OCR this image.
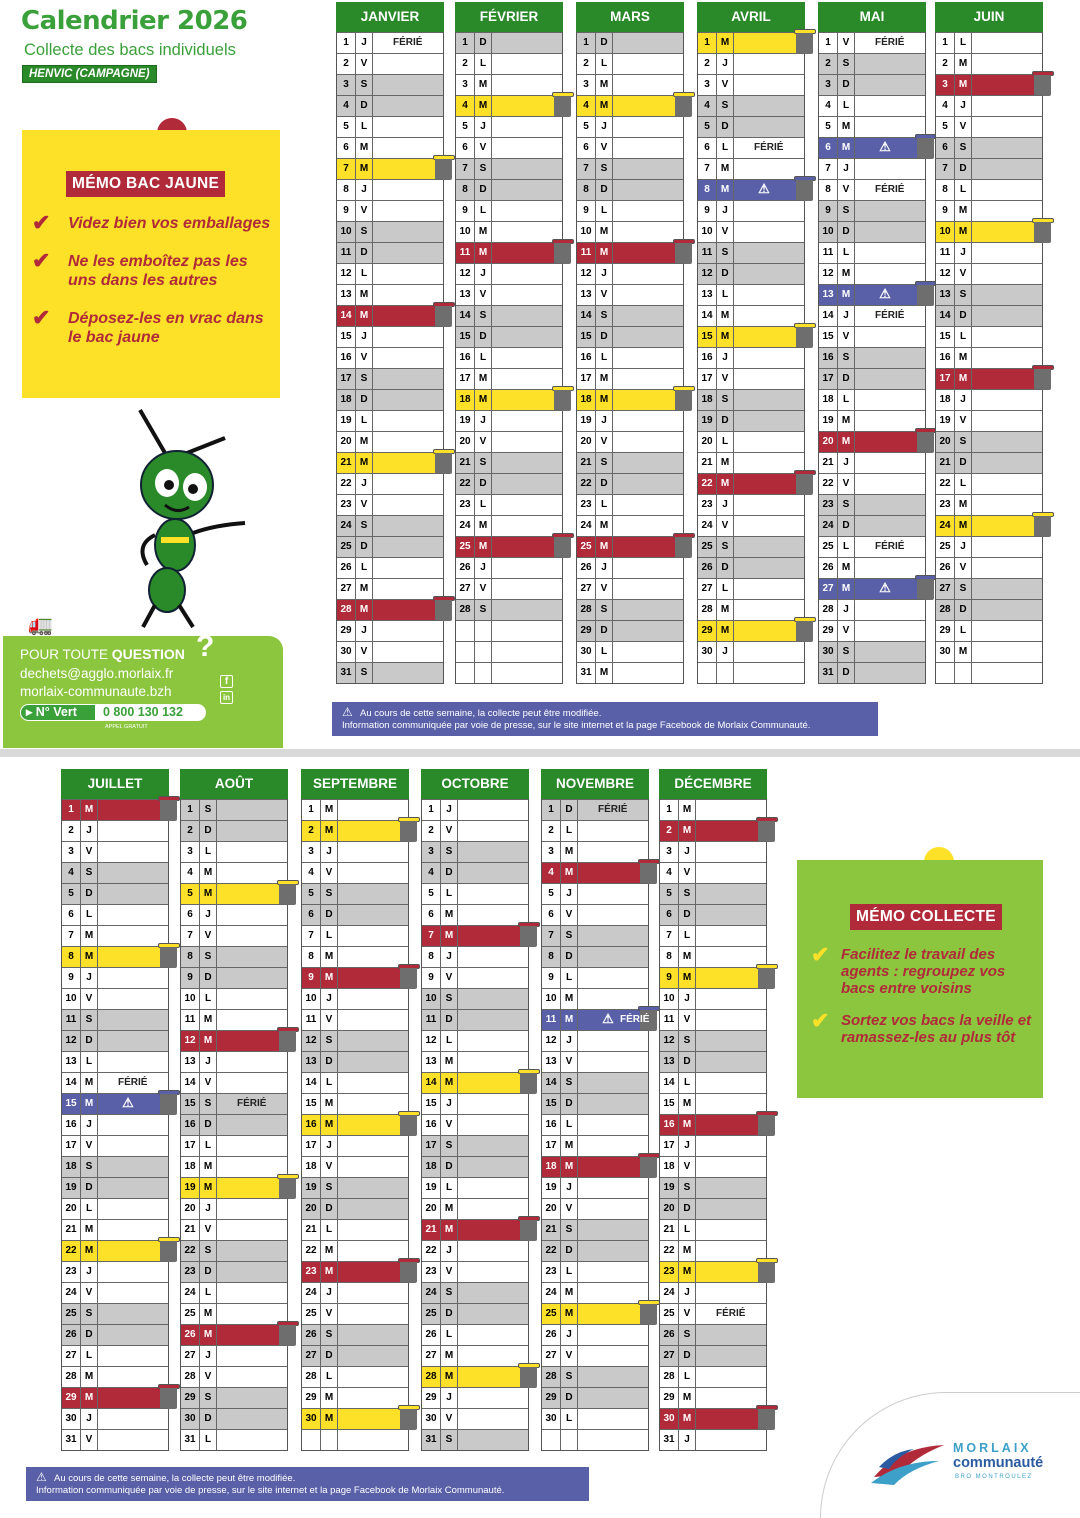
Calendrier 2026
Collecte des bacs individuels
HENVIC (CAMPAGNE)
MÉMO BAC JAUNE
✔	Videz bien vos emballages
✔	Ne les emboîtez pas les uns dans les autres
✔	Déposez-les en vrac dans le bac jaune
🚛
POUR TOUTE QUESTION ?
dechets@agglo.morlaix.fr
morlaix-communaute.bzh
f
in
▸ N° Vert	0 800 130 132
APPEL GRATUIT
JANVIER
1	J	FÉRIÉ
2	V
3	S
4	D
5	L
6	M
7	M
8	J
9	V
10 S
11 D
12 L
13 M
14 M
15 J
16 V
17 S
18 D
19 L
20 M
21 M
22 J
23 V
24 S
25 D
26 L
27 M
28 M
29 J
30 V
31 S
FÉVRIER
1	D
2	L
3	M
4	M
5	J
6	V
7	S
8	D
9	L
10 M
11 M
12 J
13 V
14 S
15 D
16 L
17 M
18 M
19 J
20 V
21 S
22 D
23 L
24 M
25 M
26 J
27 V
28 S
MARS
1	D
2	L
3	M
4	M
5	J
6	V
7	S
8	D
9	L
10 M
11 M
12 J
13 V
14 S
15 D
16 L
17 M
18 M
19 J
20 V
21 S
22 D
23 L
24 M
25 M
26 J
27 V
28 S
29 D
30 L
31 M
AVRIL
1	M
2	J
3	V
4	S
5	D
6	L	FÉRIÉ
7	M
8	M	⚠
9	J
10 V
11 S
12 D
13 L
14 M
15 M
16 J
17 V
18 S
19 D
20 L
21 M
22 M
23 J
24 V
25 S
26 D
27 L
28 M
29 M
30 J
MAI
1	V	FÉRIÉ
2	S
3	D
4	L
5	M
6	M	⚠
7	J
8	V	FÉRIÉ
9	S
10 D
11 L
12 M
13 M	⚠
14 J	FÉRIÉ
15 V
16 S
17 D
18 L
19 M
20 M
21 J
22 V
23 S
24 D
25 L	FÉRIÉ
26 M
27 M	⚠
28 J
29 V
30 S
31 D
JUIN
1	L
2	M
3	M
4	J
5	V
6	S
7	D
8	L
9	M
10 M
11 J
12 V
13 S
14 D
15 L
16 M
17 M
18 J
19 V
20 S
21 D
22 L
23 M
24 M
25 J
26 V
27 S
28 D
29 L
30 M
⚠ Au cours de cette semaine, la collecte peut être modifiée.
Information communiquée par voie de presse, sur le site internet et la page Facebook de Morlaix Communauté.
JUILLET
1	M
2	J
3	V
4	S
5	D
6	L
7	M
8	M
9	J
10 V
11 S
12 D
13 L
14 M	FÉRIÉ
15 M	⚠
16 J
17 V
18 S
19 D
20 L
21 M
22 M
23 J
24 V
25 S
26 D
27 L
28 M
29 M
30 J
31 V
AOÛT
1	S
2	D
3	L
4	M
5	M
6	J
7	V
8	S
9	D
10 L
11 M
12 M
13 J
14 V
15 S	FÉRIÉ
16 D
17 L
18 M
19 M
20 J
21 V
22 S
23 D
24 L
25 M
26 M
27 J
28 V
29 S
30 D
31 L
SEPTEMBRE
1	M
2	M
3	J
4	V
5	S
6	D
7	L
8	M
9	M
10 J
11 V
12 S
13 D
14 L
15 M
16 M
17 J
18 V
19 S
20 D
21 L
22 M
23 M
24 J
25 V
26 S
27 D
28 L
29 M
30 M
OCTOBRE
1	J
2	V
3	S
4	D
5	L
6	M
7	M
8	J
9	V
10 S
11 D
12 L
13 M
14 M
15 J
16 V
17 S
18 D
19 L
20 M
21 M
22 J
23 V
24 S
25 D
26 L
27 M
28 M
29 J
30 V
31 S
NOVEMBRE
1	D	FÉRIÉ
2	L
3	M
4	M
5	J
6	V
7	S
8	D
9	L
10 M
11 M	⚠ FÉRIÉ
12 J
13 V
14 S
15 D
16 L
17 M
18 M
19 J
20 V
21 S
22 D
23 L
24 M
25 M
26 J
27 V
28 S
29 D
30 L
DÉCEMBRE
1	M
2	M
3	J
4	V
5	S
6	D
7	L
8	M
9	M
10 J
11 V
12 S
13 D
14 L
15 M
16 M
17 J
18 V
19 S
20 D
21 L
22 M
23 M
24 J
25 V	FÉRIÉ
26 S
27 D
28 L
29 M
30 M
31 J
MÉMO COLLECTE
✔ Facilitez le travail des agents : regroupez vos bacs entre voisins
✔ Sortez vos bacs la veille et ramassez-les au plus tôt
⚠ Au cours de cette semaine, la collecte peut être modifiée.
Information communiquée par voie de presse, sur le site internet et la page Facebook de Morlaix Communauté.
MORLAIX
communauté
BRO MONTROULEZ
